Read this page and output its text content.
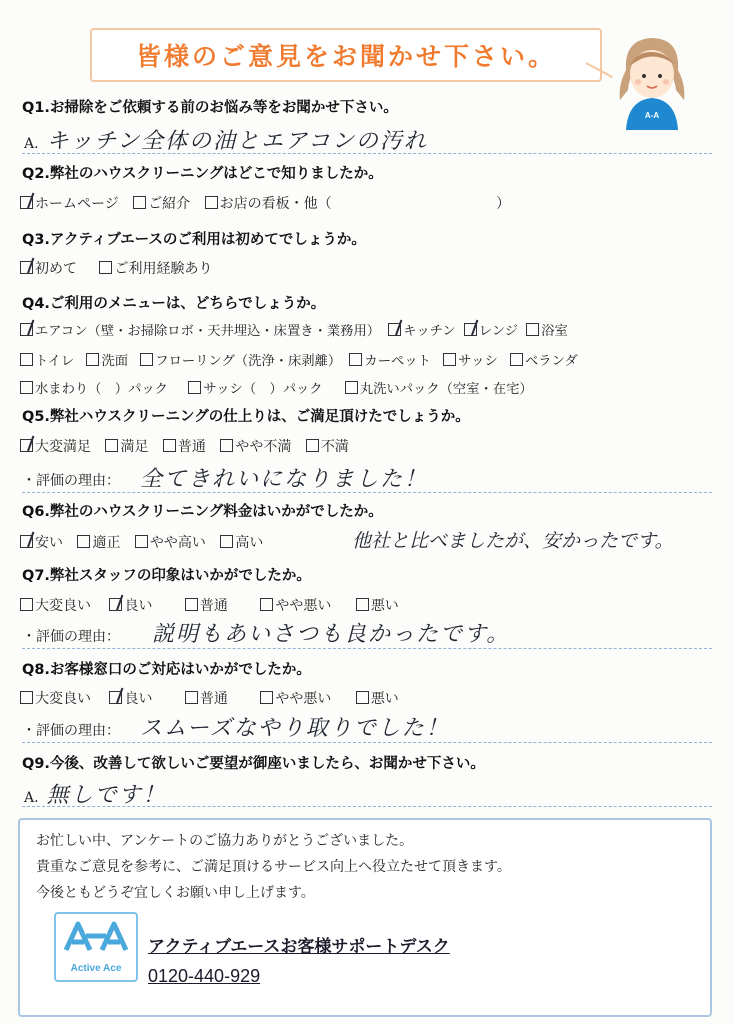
皆様のご意見をお聞かせ下さい。
A-A
Q1.お掃除をご依頼する前のお悩み等をお聞かせ下さい。
A. キッチン全体の油とエアコンの汚れ
Q2.弊社のハウスクリーニングはどこで知りましたか。
ホームページ ご紹介 お店の看板・他（	）
Q3.アクティブエースのご利用は初めてでしょうか。
初めて	ご利用経験あり
Q4.ご利用のメニューは、どちらでしょうか。
エアコン（壁・お掃除ロボ・天井埋込・床置き・業務用） キッチン レンジ 浴室
トイレ 洗面 フローリング（洗浄・床剥離） カーペット サッシ ベランダ
水まわり（　）パック	サッシ（　）パック	丸洗いパック（空室・在宅）
Q5.弊社ハウスクリーニングの仕上りは、ご満足頂けたでしょうか。
大変満足 満足 普通 やや不満 不満
・評価の理由： 全てきれいになりました！
Q6.弊社のハウスクリーニング料金はいかがでしたか。
安い 適正 やや高い 高い	他社と比べましたが、安かったです。
Q7.弊社スタッフの印象はいかがでしたか。
大変良い 良い	普通	やや悪い	悪い
・評価の理由： 説明もあいさつも良かったです。
Q8.お客様窓口のご対応はいかがでしたか。
大変良い 良い	普通	やや悪い	悪い
・評価の理由： スムーズなやり取りでした！
Q9.今後、改善して欲しいご要望が御座いましたら、お聞かせ下さい。
A. 無しです！
お忙しい中、アンケートのご協力ありがとうございました。
貴重なご意見を参考に、ご満足頂けるサービス向上へ役立たせて頂きます。
今後ともどうぞ宜しくお願い申し上げます。
Active Ace
アクティブエースお客様サポートデスク
0120-440-929
